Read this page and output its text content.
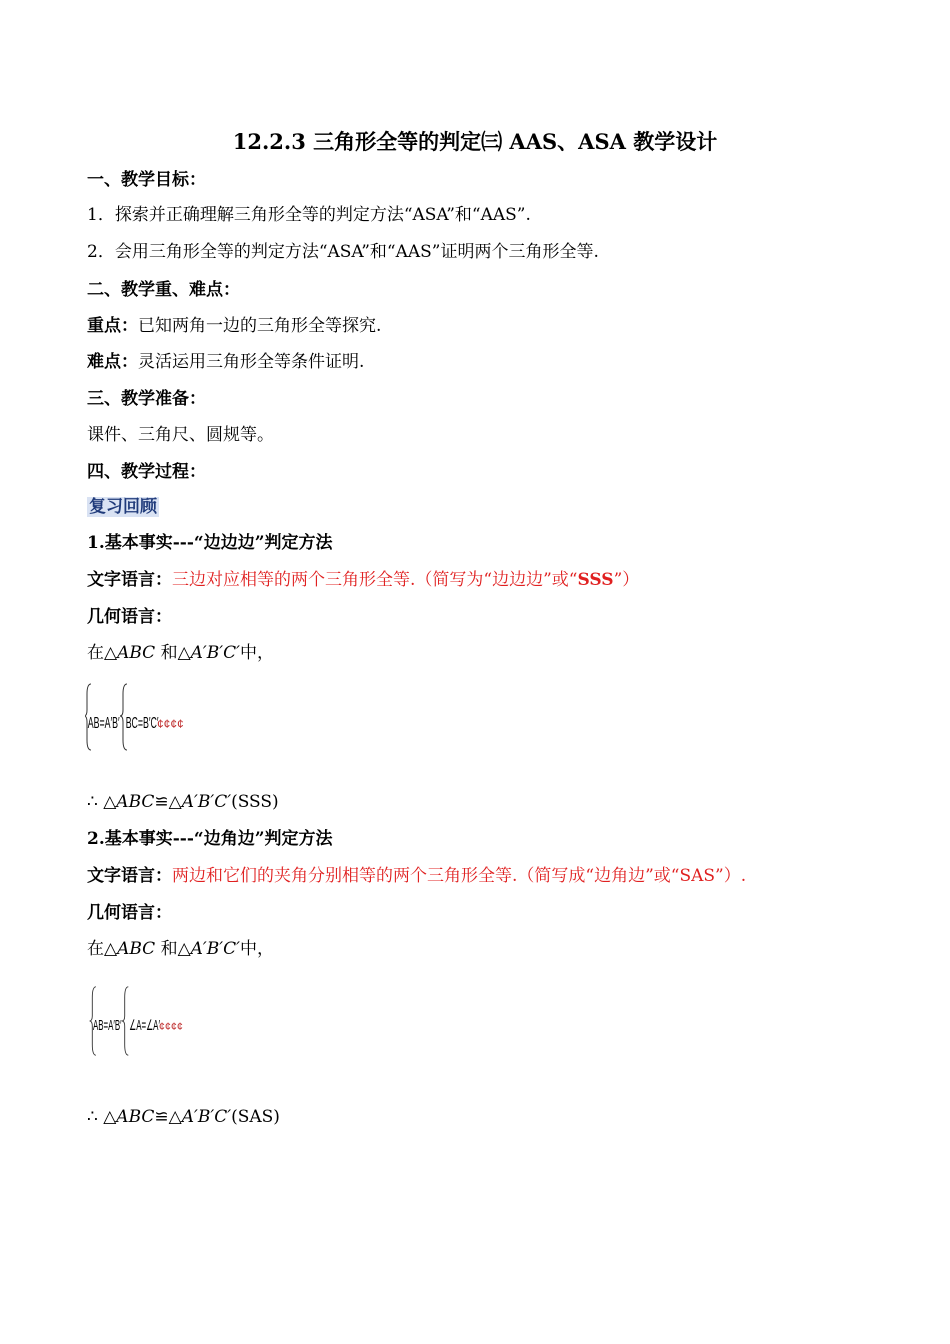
12.2.3 三角形全等的判定㈢ AAS、ASA 教学设计
一、教学目标：
1．探索并正确理解三角形全等的判定方法“ASA”和“AAS”.
2．会用三角形全等的判定方法“ASA”和“AAS”证明两个三角形全等.
二、教学重、难点：
重点：已知两角一边的三角形全等探究.
难点：灵活运用三角形全等条件证明.
三、教学准备：
课件、三角尺、圆规等。
四、教学过程：
复习回顾
1.基本事实---“边边边”判定方法
文字语言：三边对应相等的两个三角形全等.（简写为“边边边”或“SSS”）
几何语言：
在△ABC 和△A′B′C′中，
AB=A′B′ BC=B′C′
¢¢¢¢
∴ △ABC≌△A′B′C′(SSS)
2.基本事实---“边角边”判定方法
文字语言：两边和它们的夹角分别相等的两个三角形全等.（简写成“边角边”或“SAS”）.
几何语言：
在△ABC 和△A′B′C′中，
AB=A′B′ ∠A=∠A′
¢¢¢¢
∴ △ABC≌△A′B′C′(SAS)
